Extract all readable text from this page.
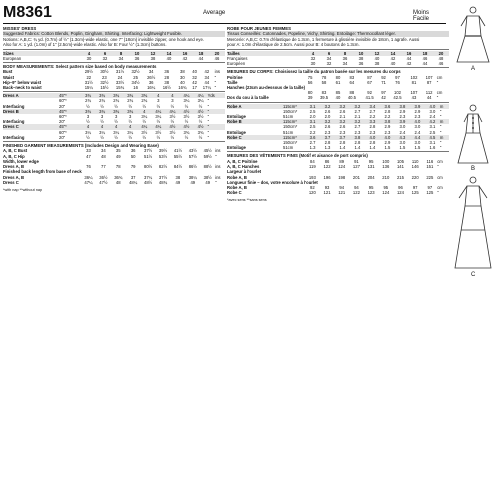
M8361	Average	Moins Facile
MISSES' DRESS
Suggested Fabrics: Cotton Blends, Poplin, Gingham, Shirting. Interfacing: Lightweight Fusible.
Notions: A,B,C: ¾ yd. (0.7m) of ½" (1.3cm)-wide elastic, one 7" (18cm) invisible zipper, one hook and eye.
Also for A: 1 yd. (1.0m) of 1" (2.5cm)-wide elastic. Also for B: Four ½" (1.3cm) buttons.
Sizes		4	6	8	10	12	14	16	18	20	
European		30	32	34	36	38	40	42	44	46	
BODY MEASUREMENTS: Select pattern size based on body measurements
Bust		29½	30½	31½	32½	34	36	38	40	42	ins
Waist		22	23	24	25	26½	28	30	32	34	"
Hip–9" below waist		31½	32½	33½	34½	36	38	40	42	44	"
Back–neck to waist		15¼	15½	15¾	16	16¼	16½	16¾	17	17¼	"
Dress A	45"*	3¾	3¾	3¾	3¾	3¾	4	4	4¼	4¼	Yds
	60"*	2¾	2¾	2¾	2¾	2¾	3	3	3¼	3¼	"
Interfacing	20"	½	½	½	½	½	½	½	½	½	"
Dress B	45"*	3¾	3¾	3¾	3¾	4	4¼	4¼	4½	4½	"
	60"*	3	3	3	3	3¼	3¼	3½	3½	3½	"
Interfacing	20"	½	½	½	½	½	½	½	½	½	"
Dress C	45"*	4	4	4	4	4¼	4¼	4½	4½	4½	"
	60"*	3¼	3¼	3¼	3¼	3½	3½	3½	3¾	3¾	"
Interfacing	20"	½	½	½	½	½	½	½	½	½	"
FINISHED GARMENT MEASUREMENTS (Includes Design and Wearing Ease)
A, B, C Bust		33	34	35	36	37½	39½	41½	43½	45½	ins
A, B, C Hip		47	48	49	50	51½	53½	55½	57½	59½	"
Width, lower edge											
Dress A, B		76	77	78	79	80½	82½	84½	86½	88½	ins
Finished back length from base of neck											
Dress A, B		36¼	36½	36¾	37	37¼	37½	38	38¼	38½	ins
Dress C		47¼	47½	48	48¼	48½	48¾	49	49	49	"
*with nap **without nap
ROBE POUR JEUNES FEMMES
Tissus Conseillés: Cotonnades, Popeline, Vichy, Shirting. Entoilage: Thermocollant léger.
Mercerie: A,B,C: 0.7m d'élastique de 1.3cm, 1 fermeture à glissière invisible de 18cm, 1 agrafe. Aussi
pour A: 1.0m d'élastique de 2.5cm. Aussi pour B: 4 boutons de 1.3cm.
Tailles		4	6	8	10	12	14	16	18	20	
Françaises		32	34	36	38	40	42	44	46	48	
Européen		30	32	34	36	38	40	42	44	46	
MESURES DU CORPS: Choisissez la taille du patron basée sur les mesures du corps
Poitrine		75	78	80	83	87	92	97	102	107	cm
Taille		56	58	61	64	67	71	76	81	87	"
Hanches (23cm au-dessous de la taille)											
		80	83	85	88	92	97	102	107	112	cm
Dos du cou à la taille		39	39.5	40	40.5	41.5	42	42.5	43	44	"
Robe A	115cm*	3.1	3.2	3.2	3.2	3.4	3.6	3.8	3.9	4.0	m
	150cm*	2.5	2.6	2.6	2.7	2.7	2.8	2.9	2.9	3.0	"
Entoilage	51cm	2.0	2.0	2.1	2.1	2.2	2.2	2.3	2.3	2.4	"
Robe B	115cm*	3.1	3.2	3.2	3.2	3.3	3.8	3.9	4.0	4.2	m
	150cm*	2.5	2.6	2.6	2.7	2.8	2.9	3.0	3.0	3.1	"
Entoilage	51cm	2.2	2.3	2.3	2.3	2.3	2.3	2.4	2.4	2.5	"
Robe C	115cm*	3.6	3.7	3.7	3.8	4.0	4.0	4.3	4.4	4.5	m
	150cm*	2.7	2.8	2.8	2.8	2.8	2.9	3.0	3.0	3.1	"
Entoilage	51cm	1.3	1.3	1.4	1.4	1.4	1.5	1.5	1.5	1.6	"
MESURES DES VÊTEMENTS FINIS (Motif et aisance de port compris)
A, B, C Poitrine		84	86	89	91	95	100	105	110	116	cm
A, B, C Hanches		119	122	124	127	131	136	141	146	151	"
Largeur à l'ourlet											
Robe A, B		193	196	198	201	204	210	215	220	225	cm
Longueur finie – dos, votre encolure à l'ourlet											
Robe A, B		92	93	94	94	95	95	96	97	97	cm
Robe C		120	121	121	122	123	124	124	125	125	"
*avec sens **sans sens
A
B
C
